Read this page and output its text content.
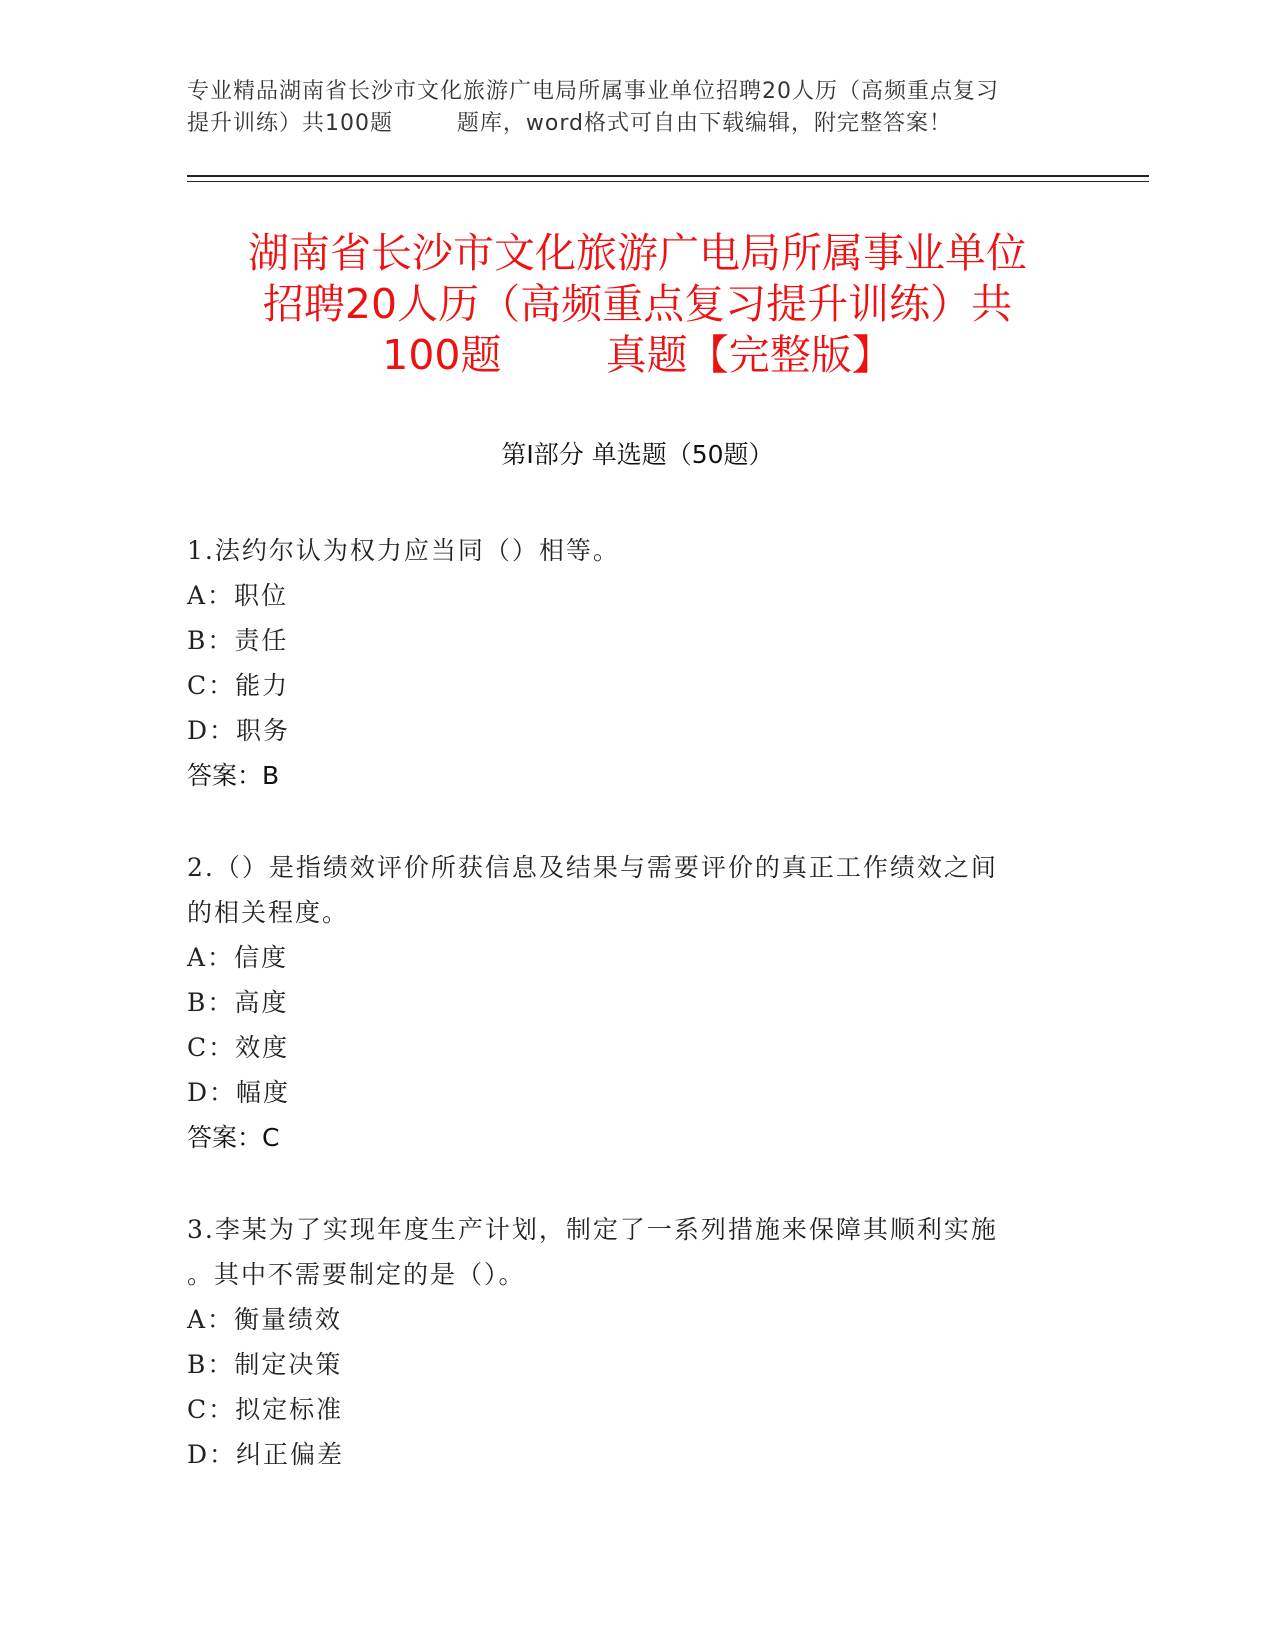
专业精品湖南省长沙市文化旅游广电局所属事业单位招聘20人历（高频重点复习
提升训练）共100题        题库，word格式可自由下载编辑，附完整答案！
湖南省长沙市文化旅游广电局所属事业单位
招聘20人历（高频重点复习提升训练）共
100题        真题【完整版】
第Ⅰ部分 单选题（50题）
1.法约尔认为权力应当同（）相等。
A：职位
B：责任
C：能力
D：职务
答案：B
2.（）是指绩效评价所获信息及结果与需要评价的真正工作绩效之间
的相关程度。
A：信度
B：高度
C：效度
D：幅度
答案：C
3.李某为了实现年度生产计划，制定了一系列措施来保障其顺利实施
。其中不需要制定的是（）。
A：衡量绩效
B：制定决策
C：拟定标准
D：纠正偏差
